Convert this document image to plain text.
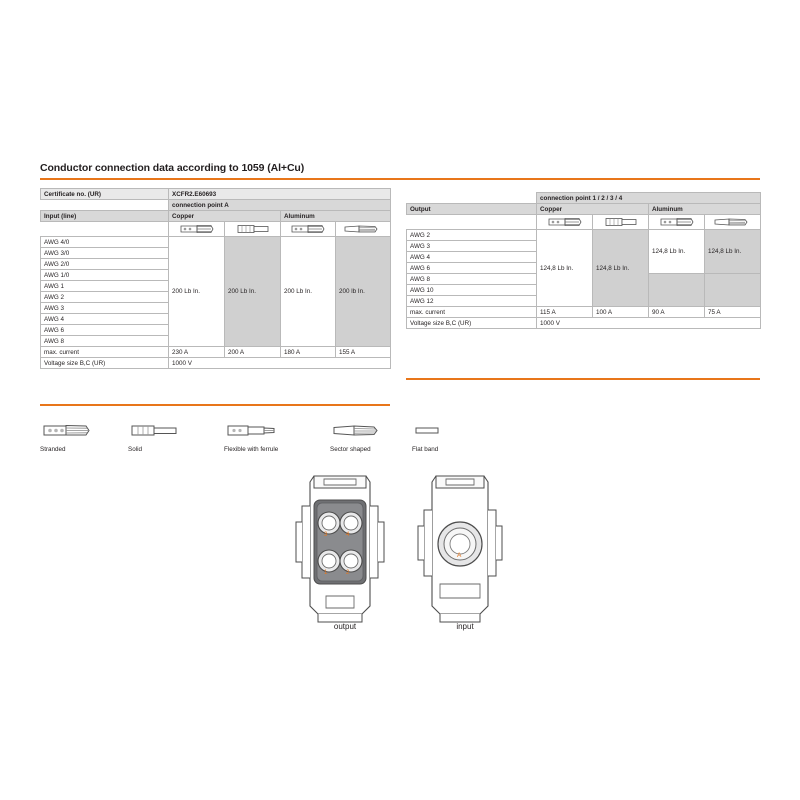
Conductor connection data according to 1059 (Al+Cu)
Certificate no. (UR)	XCFR2.E60693			
	connection point A			
Input (line)	Copper		Aluminum	

AWG 4/0	200 Lb In.	200 Lb In.	200 Lb In.	200 lb In.
AWG 3/0				
AWG 2/0				
AWG 1/0				
AWG 1				
AWG 2				
AWG 3				
AWG 4				
AWG 6				
AWG 8				
max. current	230 A	200 A	180 A	155 A
Voltage size B,C (UR)	1000 V			
	connection point 1 / 2 / 3 / 4			
Output	Copper		Aluminum	

AWG 2	124,8 Lb In.	124,8 Lb In.	124,8 Lb In.	124,8 Lb In.
AWG 3				
AWG 4				
AWG 6				
AWG 8				
AWG 10				
AWG 12				
max. current	115 A	100 A	90 A	75 A
Voltage size B,C (UR)	1000 V			
Stranded	Solid	Flexible with ferrule	Sector shaped	Flat band
3	4
1	2
output
A
input
